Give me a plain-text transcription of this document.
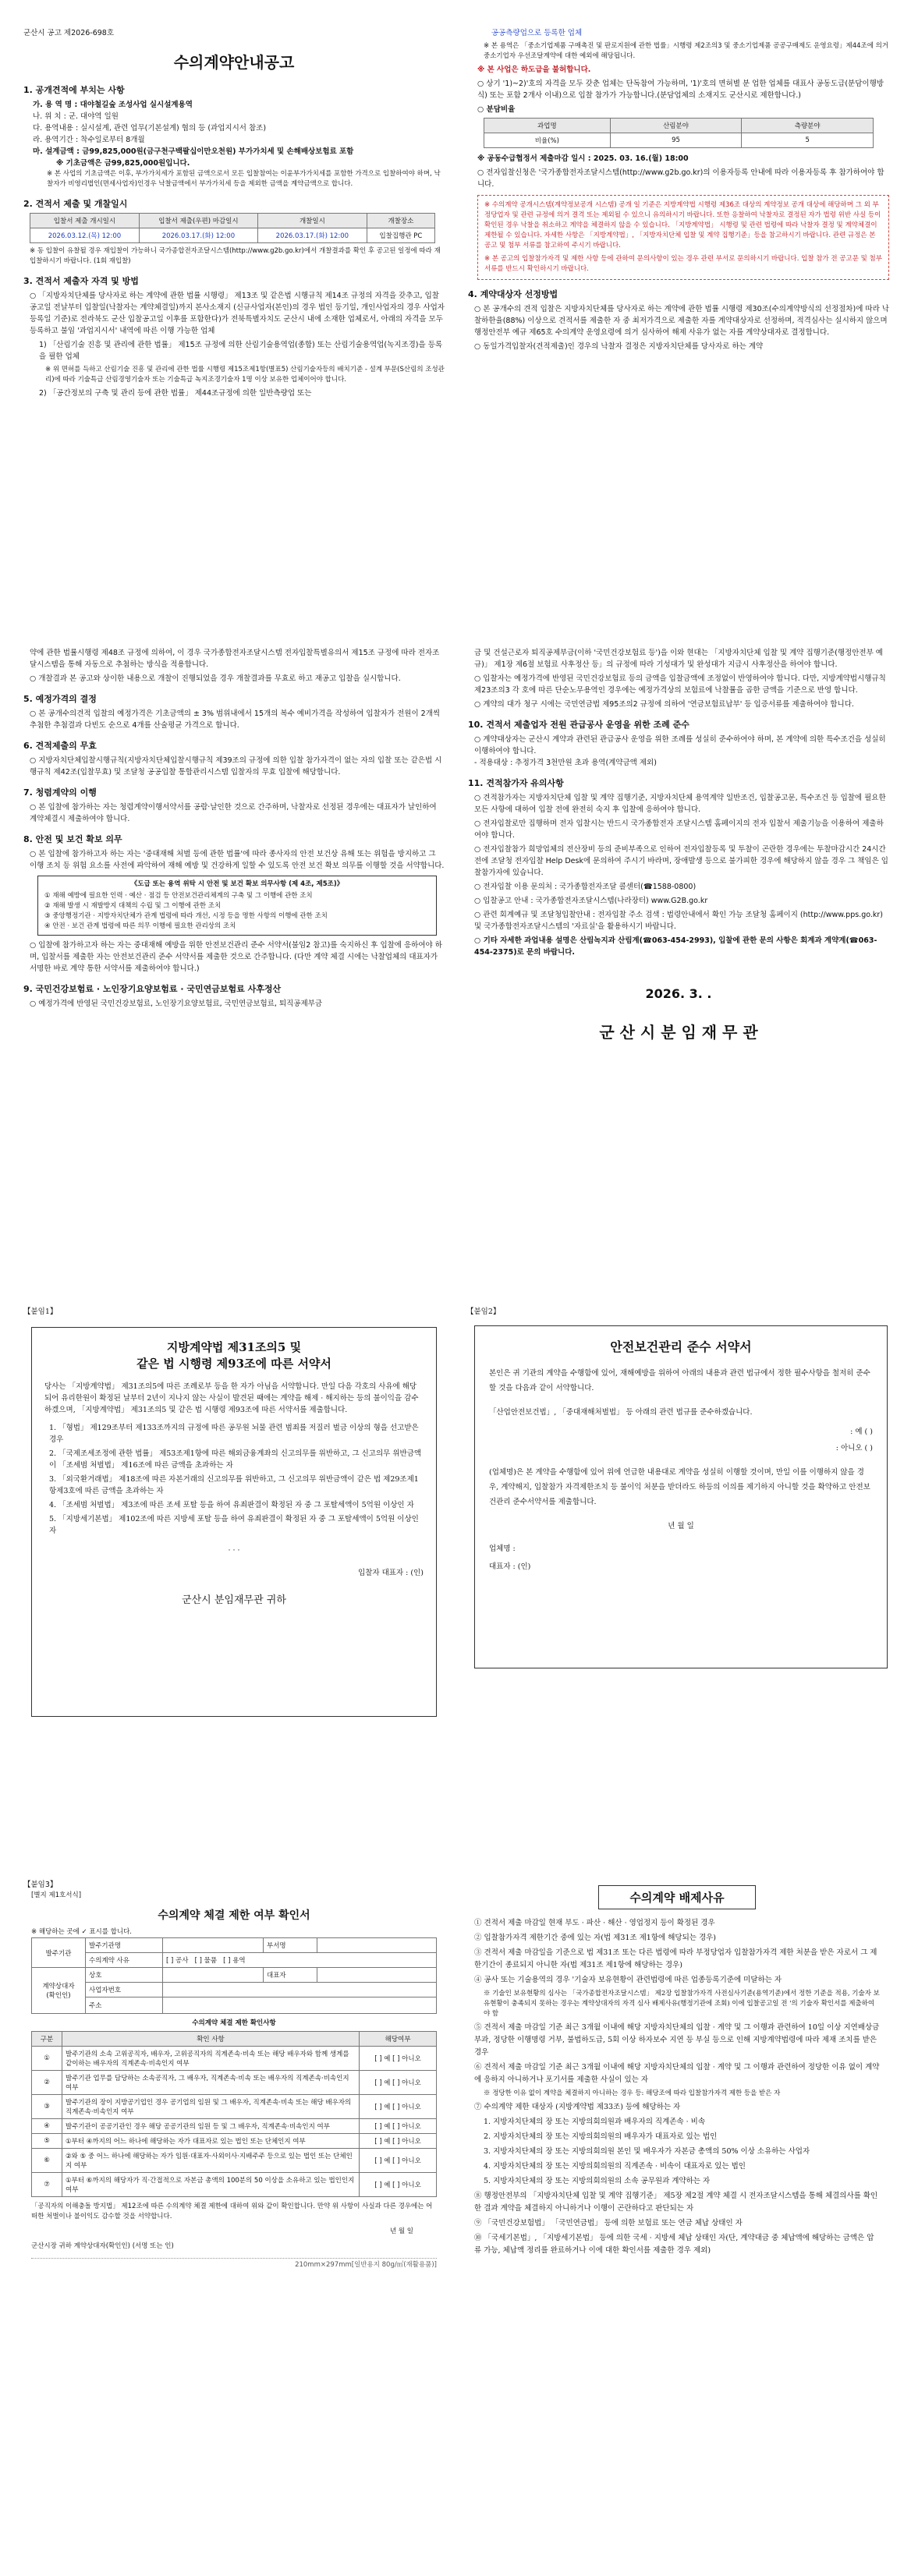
군산시 공고 제2026-698호

수의계약안내공고
1. 공개견적에 부치는 사항

가. 용 역 명 : 대야철길숲 조성사업 실시설계용역

나. 위 치 : 군. 대야역 일원

다. 용역내용 : 실시설계, 관련 업무(기본설계) 협의 등 (과업지시서 참조)

라. 용역기간 : 착수일로부터 8개월

마. 설계금액 : 금99,825,000원(금구천구백팔십이만오천원) 부가가치세 및 손해배상보험료 포함

※ 기초금액은 금99,825,000원입니다.

※ 본 사업의 기초금액은 이후, 부가가치세가 포함된 금액으로서 모든 입찰참여는 이윤부가가치세를 포함한 가격으로 입찰하여야 하며, 낙찰자가 비영리법인(면세사업자)인경우 낙찰금액에서 부가가치세 등을 제외한 금액을 계약금액으로 합니다.

2. 견적서 제출 및 개찰일시
입찰서 제출 개시일시	입찰서 제출(우편) 마감일시	개찰일시	개찰장소
2026.03.12.(목) 12:00	2026.03.17.(화) 12:00	2026.03.17.(화) 12:00	입찰집행관 PC

※ 동 입찰이 유찰될 경우 재입찰이 가능하니 국가종합전자조달시스템(http://www.g2b.go.kr)에서 개찰결과를 확인 후 공고된 일정에 따라 재입찰하시기 바랍니다. (1회 재입찰)

3. 견적서 제출자 자격 및 방법

○ 「지방자치단체를 당사자로 하는 계약에 관한 법률 시행령」 제13조 및 같은법 시행규칙 제14조 규정의 자격을 갖추고, 입찰공고일 전날부터 입찰일(낙찰자는 계약체결일)까지 본사소재지 (신규사업자(본인)의 경우 법인 등기일, 개인사업자의 경우 사업자등록일 기준)로 전라북도 군산 입찰공고일 이후를 포함한다)가 전북특별자치도 군산시 내에 소재한 업체로서, 아래의 자격을 모두 등록하고 불임 '과업지시서' 내역에 따른 이행 가능한 업체

1) 「산림기술 진흥 및 관리에 관한 법률」 제15조 규정에 의한 산림기술용역업(종합) 또는 산림기술용역업(녹지조경)을 등록을 필한 업체

※ 위 면허를 득하고 산림기술 진흥 및 관리에 관한 법률 시행령 제15조제1항(별표5) 산림기술자등의 배치기준 - 설계 부문(S산림의 조성관리)에 따라 기술특급 산림경영기술자 또는 기술특급 녹지조경기술자 1명 이상 보유한 업체이어야 합니다.

2) 「공간정보의 구축 및 관리 등에 관한 법률」 제44조규정에 의한 일반측량업 또는

공공측량업으로 등록한 업체

※ 본 용역은 「중소기업제품 구매촉진 및 판로지원에 관한 법률」시행령 제2조의3 및 중소기업제품 공공구매제도 운영요령」제44조에 의거 중소기업자 우선조달계약에 대한 예외에 해당됩니다.

※ 본 사업은 하도급을 불허합니다.

○ 상기 '1)~2)'호의 자격을 모두 갖춘 업체는 단독참여 가능하며, '1)'호의 면허별 분 업한 업체를 대표사 공동도급(분담이행방식) 또는 포함 2개사 이내)으로 입찰 참가가 가능합니다.(분담업체의 소재지도 군산시로 제한합니다.)

○ 분담비율

과업명	산림분야	측량분야
비율(%)	95	5

※ 공동수급협정서 제출마감 일시 : 2025. 03. 16.(월) 18:00

○ 전자입찰신청은 '국가종합전자조달시스템(http://www.g2b.go.kr)의 이용자등록 안내에 따라 이용자등록 후 참가하여야 합니다.

※ 수의계약 공개시스템(계약정보공개 시스템) 공개 일 기준은 지방계약법 시행령 제36조 대상의 계약정보 공개 대상에 해당하며 그 외 부정당업자 및 관련 규정에 의거 결격 또는 제외될 수 있으니 유의하시기 바랍니다. 또한 응찰하여 낙찰자로 결정된 자가 법령 위반 사실 등이 확인된 경우 낙찰을 취소하고 계약을 체결하지 않을 수 있습니다. 「지방계약법」 시행령 및 관련 법령에 따라 낙찰자 결정 및 계약체결이 제한될 수 있습니다. 자세한 사항은 「지방계약법」, 「지방자치단체 입찰 및 계약 집행기준」등을 참고하시기 바랍니다. 관련 규정은 본 공고 및 첨부 서류를 참고하여 주시기 바랍니다.

※ 본 공고의 입찰참가자격 및 제한 사항 등에 관하여 문의사항이 있는 경우 관련 부서로 문의하시기 바랍니다. 입찰 참가 전 공고문 및 첨부서류를 반드시 확인하시기 바랍니다.

4. 계약대상자 선정방법

○ 본 공개수의 견적 입찰은 지방자치단체를 당사자로 하는 계약에 관한 법률 시행령 제30조(수의계약방식의 선정절차)에 따라 낙찰하한율(88%) 이상으로 견적서를 제출한 자 중 최저가격으로 제출한 자를 계약대상자로 선정하며, 적격심사는 실시하지 않으며 행정안전부 예규 제65호 수의계약 운영요령에 의거 심사하여 해제 사유가 없는 자를 계약상대자로 결정합니다.

○ 동일가격입찰자(견적제출)인 경우의 낙찰자 결정은 지방자치단체를 당사자로 하는 계약

약에 관한 법률시행령 제48조 규정에 의하여, 이 경우 국가종합전자조달시스템 전자입찰특별유의서 제15조 규정에 따라 전자조달시스템을 통해 자동으로 추첨하는 방식을 적용합니다.

○ 개찰결과 본 공고와 상이한 내용으로 개찰이 진행되었을 경우 개찰결과를 무효로 하고 재공고 입찰을 실시합니다.

5. 예정가격의 결정

○ 본 공개수의견적 입찰의 예정가격은 기초금액의 ± 3% 범위내에서 15개의 복수 예비가격을 작성하여 입찰자가 전원이 2개씩 추첨한 추첨결과 다빈도 순으로 4개를 산술평균 가격으로 합니다.

6. 견적제출의 무효

○ 지방자치단체입찰시행규칙(지방자치단체입찰시행규칙 제39조의 규정에 의한 입찰 참가자격이 없는 자의 입찰 또는 같은법 시행규칙 제42조(입찰무효) 및 조달청 공공입찰 통합관리시스템 입찰자의 무효 입찰에 해당합니다.

7. 청렴계약의 이행

○ 본 입찰에 참가하는 자는 청렴계약이행서약서를 공람·날인한 것으로 간주하며, 낙찰자로 선정된 경우에는 대표자가 날인하여 계약체결시 제출하여야 합니다.

8. 안전 및 보건 확보 의무

○ 본 입찰에 참가하고자 하는 자는 '중대재해 처벌 등에 관한 법률'에 따라 종사자의 안전 보건상 유해 또는 위험을 방지하고 그 이행 조치 등 위험 요소를 사전에 파악하여 재해 예방 및 건강하게 일할 수 있도록 안전 보건 확보 의무를 이행할 것을 서약합니다.

《도급 또는 용역 위탁 시 안전 및 보건 확보 의무사항 (제 4조, 제5조)》

① 재해 예방에 필요한 인력 · 예산 · 점검 등 안전보건관리체계의 구축 및 그 이행에 관한 조치

② 재해 발생 시 재발방지 대책의 수립 및 그 이행에 관한 조치

③ 중앙행정기관 · 지방자치단체가 관계 법령에 따라 개선, 시정 등을 명한 사항의 이행에 관한 조치

④ 안전 · 보건 관계 법령에 따른 의무 이행에 필요한 관리상의 조치

○ 입찰에 참가하고자 하는 자는 중대재해 예방을 위한 안전보건관리 준수 서약서(불임2 참고)를 숙지하신 후 입찰에 응하여야 하며, 입찰서를 제출한 자는 안전보건관리 준수 서약서를 제출한 것으로 간주합니다. (다만 계약 체결 시에는 낙찰업체의 대표자가 서명한 바로 계약 통한 서약서를 제출하여야 합니다.)

9. 국민건강보험료 · 노인장기요양보험료 · 국민연금보험료 사후정산

○ 예정가격에 반영된 국민건강보험료, 노인장기요양보험료, 국민연금보험료, 퇴직공제부금

금 및 건설근로자 퇴직공제부금(이하 '국민건강보험료 등')을 이와 현대는 「지방자치단체 입찰 및 계약 집행기준(행정안전부 예규)」 제1장 제6절 보험료 사후정산 등」의 규정에 따라 기성대가 및 완성대가 지급시 사후정산을 하여야 합니다.

○ 입찰자는 예정가격에 반영된 국민건강보험료 등의 금액을 입찰금액에 조정없이 반영하여야 합니다. 다만, 지방계약법시행규칙 제23조의3 각 호에 따른 단순노무용역인 경우에는 예정가격상의 보험료에 낙찰률을 곱한 금액을 기준으로 반영 합니다.

○ 계약의 대가 청구 시에는 국민연금법 제95조의2 규정에 의하여 '연금보험료납부' 등 입증서류를 제출하여야 합니다.

10. 견적서 제출업자 전원 관급공사 운영을 위한 조례 준수

○ 계약대상자는 군산시 계약과 관련된 관급공사 운영을 위한 조례를 성실히 준수하여야 하며, 본 계약에 의한 특수조건을 성실히 이행하여야 합니다.
- 적용대상 : 추정가격 3천만원 초과 용역(계약금액 제외)

11. 견적참가자 유의사항

○ 견적참가자는 지방자치단체 입찰 및 계약 집행기준, 지방자치단체 용역계약 일반조건, 입찰공고문, 특수조건 등 입찰에 필요한 모든 사항에 대하여 입찰 전에 완전히 숙지 후 입찰에 응하여야 합니다.

○ 전자입찰로만 집행하며 전자 입찰시는 반드시 국가종합전자 조달시스템 홈페이지의 전자 입찰서 제출기능을 이용하여 제출하여야 합니다.

○ 전자입찰참가 희망업체의 전산장비 등의 준비부족으로 인하여 전자입찰등록 및 투찰이 곤란한 경우에는 투찰마감시간 24시간 전에 조달청 전자입찰 Help Desk에 문의하여 주시기 바라며, 장애발생 등으로 불가피한 경우에 해당하지 않을 경우 그 책임은 입찰참가자에 있습니다.

○ 전자입찰 이용 문의처 : 국가종합전자조달 콜센터(☎1588-0800)

○ 입찰공고 안내 : 국가종합전자조달시스템(나라장터) www.G2B.go.kr

○ 관련 회계예규 및 조달청입찰안내 : 전자입찰 주소 검색 : 법령안내에서 확인 가능 조달청 홈페이지 (http://www.pps.go.kr) 및 국가종합전자조달시스템의 '자료실'을 활용하시기 바랍니다.

○ 기타 자세한 과업내용 설명은 산림녹지과 산림계(☎063-454-2993), 입찰에 관한 문의 사항은 회계과 계약계(☎063-454-2375)로 문의 바랍니다.

2026. 3. .
군 산 시 분 임 재 무 관

【붙임1】

지방계약법 제31조의5 및
같은 법 시행령 제93조에 따른 서약서

당사는 「지방계약법」 제31조의5에 따른 조례로부 등을 한 자가 아님을 서약합니다. 만일 다음 각호의 사유에 해당되어 유리한원이 확정된 날부터 2년이 지나지 않는 사실이 발견된 때에는 계약을 해제 · 해지하는 등의 불이익을 감수하겠으며, 「지방계약법」 제31조의5 및 같은 법 시행령 제93조에 따른 서약서를 제출합니다.

1. 「형법」 제129조부터 제133조까지의 규정에 따른 공무원 뇌물 관련 범죄를 저질러 벌금 이상의 형을 선고받은 경우

2. 「국제조세조정에 관한 법률」 제53조제1항에 따른 해외금융계좌의 신고의무를 위반하고, 그 신고의무 위반금액이 「조세범 처벌법」 제16조에 따른 금액을 초과하는 자

3. 「외국환거래법」 제18조에 따른 자본거래의 신고의무를 위반하고, 그 신고의무 위반금액이 같은 법 제29조제1항제3호에 따른 금액을 초과하는 자

4. 「조세범 처벌법」 제3조에 따른 조세 포탈 등을 하여 유죄판결이 확정된 자 중 그 포탈세액이 5억원 이상인 자

5. 「지방세기본법」 제102조에 따른 지방세 포탈 등을 하여 유죄판결이 확정된 자 중 그 포탈세액이 5억원 이상인 자

· · ·
입찰자 대표자 : (인)
군산시 분임재무관 귀하

【붙임2】

안전보건관리 준수 서약서

본인은 귀 기관의 계약을 수행함에 있어, 재해예방을 위하여 아래의 내용과 관련 법규에서 정한 필수사항을 철저히 준수할 것을 다음과 같이 서약합니다.

「산업안전보건법」, 「중대재해처벌법」 등 아래의 관련 법규를 준수하겠습니다.

: 예 ( )

: 아니오 ( )

(업체명)은 본 계약을 수행함에 있어 위에 언급한 내용대로 계약을 성실히 이행할 것이며, 만일 이를 이행하지 않을 경우, 계약해지, 입찰참가 자격제한조치 등 불이익 처분을 받더라도 하등의 이의를 제기하지 아니할 것을 확약하고 안전보건관리 준수서약서를 제출합니다.

년 월 일

업체명 :

대표자 : (인)

【붙임3】

[별지 제1호서식]

수의계약 체결 제한 여부 확인서

※ 해당하는 곳에 ✓ 표시를 합니다.

발주기관	발주기관명		부서명	
	수의계약 사유	[ ] 공사 [ ] 물품 [ ] 용역		
계약상대자
(확인인)	상호		대표자	
	사업자번호			
	주소			
수의계약 체결 제한 확인사항
구분	확인 사항	해당여부
①	발주기관의 소속 고위공직자, 배우자, 고위공직자의 직계존속·비속 또는 해당 배우자와 함께 생계를 같이하는 배우자의 직계존속·비속인지 여부	[ ] 예 [ ] 아니오
②	발주기관 업무를 담당하는 소속공직자, 그 배우자, 직계존속·비속 또는 배우자의 직계존속·비속인지 여부	[ ] 예 [ ] 아니오
③	발주기관의 장이 지방공기업인 경우 공기업의 임원 및 그 배우자, 직계존속·비속 또는 해당 배우자의 직계존속·비속인지 여부	[ ] 예 [ ] 아니오
④	발주기관이 공공기관인 경우 해당 공공기관의 임원 등 및 그 배우자, 직계존속·비속인지 여부	[ ] 예 [ ] 아니오
⑤	①부터 ④까지의 어느 하나에 해당하는 자가 대표자로 있는 법인 또는 단체인지 여부	[ ] 예 [ ] 아니오
⑥	②와 ⑤ 중 어느 하나에 해당하는 자가 임원·대표자·사외이사·지배주주 등으로 있는 법인 또는 단체인지 여부	[ ] 예 [ ] 아니오
⑦	①부터 ⑥까지의 해당자가 직·간접적으로 자본금 총액의 100분의 50 이상을 소유하고 있는 법인인지 여부	[ ] 예 [ ] 아니오

「공직자의 이해충돌 방지법」 제12조에 따른 수의계약 체결 제한에 대하여 위와 같이 확인합니다. 만약 위 사항이 사실과 다른 경우에는 어떠한 처벌이나 불이익도 감수할 것을 서약합니다.

년 월 일

군산시장 귀하 계약상대자(확인인) (서명 또는 인)

210mm×297mm[일반용지 80g/㎡(재활용품)]

수의계약 배제사유

① 견적서 제출 마감일 현재 부도 · 파산 · 해산 · 영업정지 등이 확정된 경우

② 입찰참가자격 제한기간 중에 있는 자(법 제31조 제1항에 해당되는 경우)

③ 견적서 제출 마감일을 기준으로 법 제31조 또는 다른 법령에 따라 부정당업자 입찰참가자격 제한 처분을 받은 자로서 그 제한기간이 종료되지 아니한 자(법 제31조 제1항에 해당하는 경우)

④ 공사 또는 기술용역의 경우 '기술자 보유현황이 관련법령에 따른 업종등록기준에 미달하는 자

※ 기술인 보유현황의 심사는 「국가종합전자조달시스템」 제2장 입찰참가자격 사전심사기준(용역기준)에서 정한 기준을 적용, 기술자 보유현황이 충족되지 못하는 경우는 계약상대자의 자격 심사 배제사유(행정기관에 조회) 이에 입찰공고일 전 '의 기술자 확인서를 제출하여야 함

⑤ 견적서 제출 마감일 기준 최근 3개월 이내에 해당 지방자치단체의 입찰 · 계약 및 그 이행과 관련하여 10일 이상 지연배상금 부과, 정당한 이행명령 거부, 불법하도급, 5회 이상 하자보수 지연 등 부실 등으로 인해 지방계약법령에 따라 제재 조치를 받은 경우

⑥ 견적서 제출 마감일 기준 최근 3개월 이내에 해당 지방자치단체의 입찰 · 계약 및 그 이행과 관련하여 정당한 이유 없이 계약에 응하지 아니하거나 포기서를 제출한 사실이 있는 자

※ 정당한 이유 없이 계약을 체결하지 아니하는 경우 등: 해당조에 따라 입찰참가자격 제한 등을 받은 자

⑦ 수의계약 제한 대상자 (지방계약법 제33조) 등에 해당하는 자

1. 지방자치단체의 장 또는 지방의회의원과 배우자의 직계존속 · 비속

2. 지방자치단체의 장 또는 지방의회의원의 배우자가 대표자로 있는 법인

3. 지방자치단체의 장 또는 지방의회의원 본인 및 배우자가 자본금 총액의 50% 이상 소유하는 사업자

4. 지방자치단체의 장 또는 지방의회의원의 직계존속 · 비속이 대표자로 있는 법인

5. 지방자치단체의 장 또는 지방의회의원의 소속 공무원과 계약하는 자

⑧ 행정안전부의 「지방자치단체 입찰 및 계약 집행기준」 제5장 제2절 계약 체결 시 전자조달시스템을 통해 체결의사를 확인한 결과 계약을 체결하지 아니하거나 이행이 곤란하다고 판단되는 자

⑨ 「국민건강보험법」 「국민연금법」 등에 의한 보험료 또는 연금 체납 상태인 자

⑩ 「국세기본법」, 「지방세기본법」 등에 의한 국세 · 지방세 체납 상태인 자(단, 계약대금 중 체납액에 해당하는 금액은 압류 가능, 체납액 정리를 완료하거나 이에 대한 확인서를 제출한 경우 제외)
